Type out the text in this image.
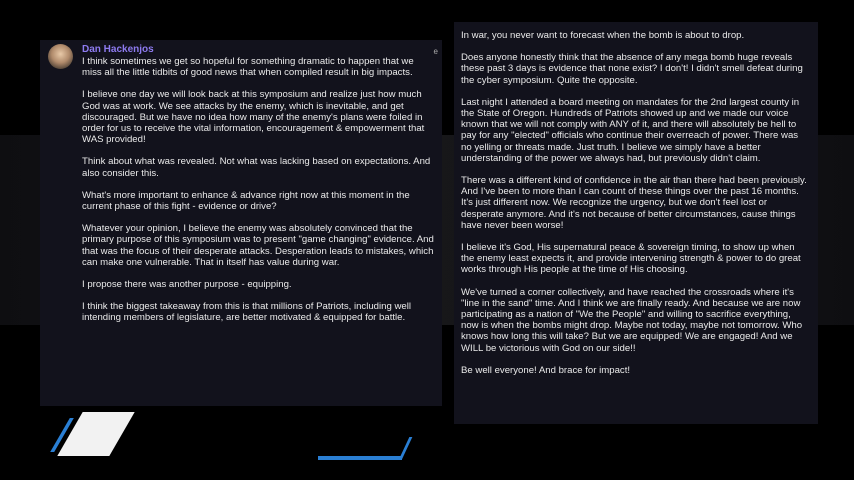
e
Dan Hackenjos

I think sometimes we get so hopeful for something dramatic to happen that we miss all the little tidbits of good news that when compiled result in big impacts.

I believe one day we will look back at this symposium and realize just how much God was at work. We see attacks by the enemy, which is inevitable, and get discouraged. But we have no idea how many of the enemy's plans were foiled in order for us to receive the vital information, encouragement & empowerment that WAS provided!

Think about what was revealed. Not what was lacking based on expectations. And also consider this.

What's more important to enhance & advance right now at this moment in the current phase of this fight - evidence or drive?

Whatever your opinion, I believe the enemy was absolutely convinced that the primary purpose of this symposium was to present "game changing" evidence. And that was the focus of their desperate attacks. Desperation leads to mistakes, which can make one vulnerable. That in itself has value during war.

I propose there was another purpose - equipping.

I think the biggest takeaway from this is that millions of Patriots, including well intending members of legislature, are better motivated & equipped for battle.

In war, you never want to forecast when the bomb is about to drop.

Does anyone honestly think that the absence of any mega bomb huge reveals these past 3 days is evidence that none exist? I don't! I didn't smell defeat during the cyber symposium. Quite the opposite.

Last night I attended a board meeting on mandates for the 2nd largest county in the State of Oregon. Hundreds of Patriots showed up and we made our voice known that we will not comply with ANY of it, and there will absolutely be hell to pay for any "elected" officials who continue their overreach of power. There was no yelling or threats made. Just truth. I believe we simply have a better understanding of the power we always had, but previously didn't claim.

There was a different kind of confidence in the air than there had been previously. And I've been to more than I can count of these things over the past 16 months. It's just different now. We recognize the urgency, but we don't feel lost or desperate anymore. And it's not because of better circumstances, cause things have never been worse!

I believe it's God, His supernatural peace & sovereign timing, to show up when the enemy least expects it, and provide intervening strength & power to do great works through His people at the time of His choosing.

We've turned a corner collectively, and have reached the crossroads where it's "line in the sand" time. And I think we are finally ready. And because we are now participating as a nation of "We the People" and willing to sacrifice everything, now is when the bombs might drop. Maybe not today, maybe not tomorrow. Who knows how long this will take? But we are equipped! We are engaged! And we WILL be victorious with God on our side!!

Be well everyone! And brace for impact!
